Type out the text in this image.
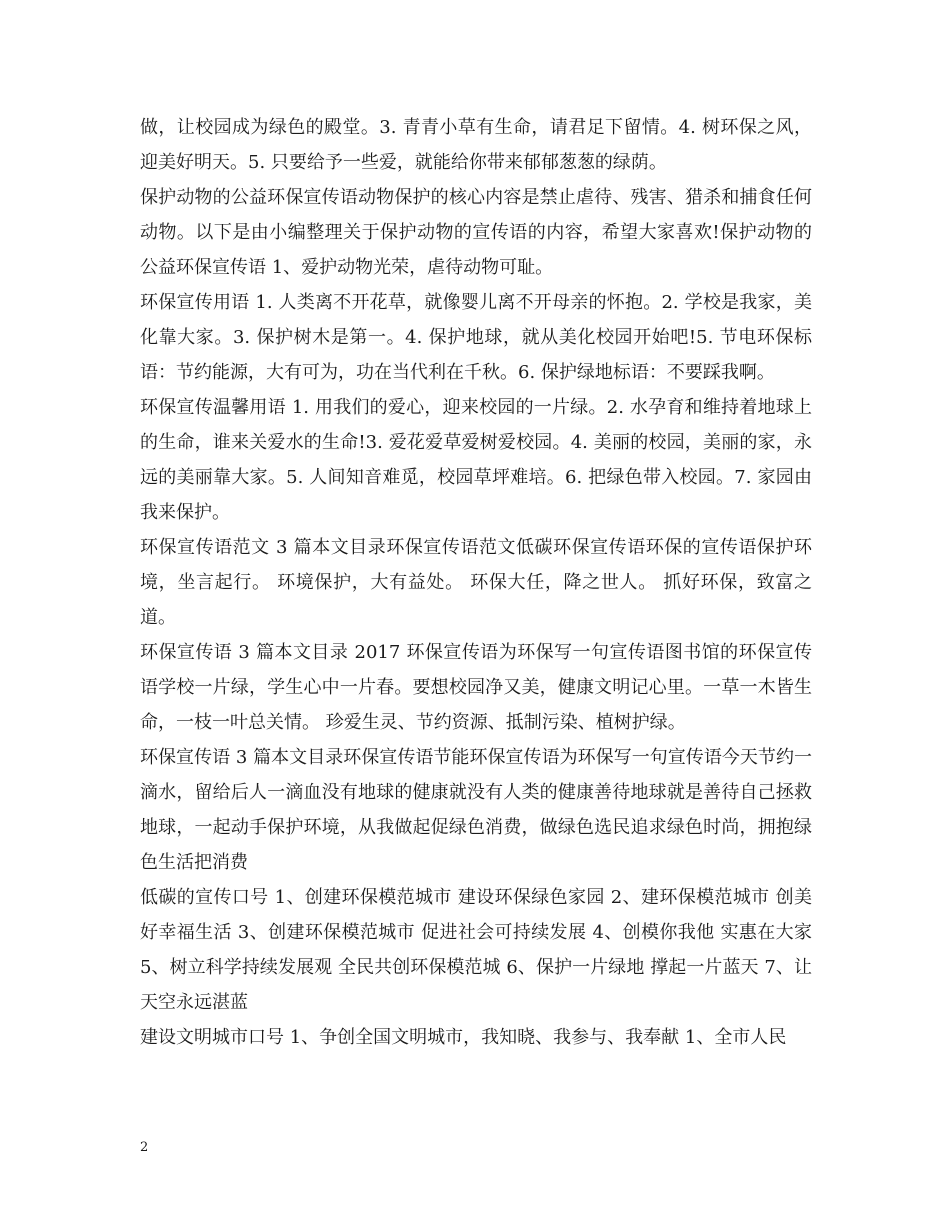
做，让校园成为绿色的殿堂。3. 青青小草有生命，请君足下留情。4. 树环保之风，迎美好明天。5. 只要给予一些爱，就能给你带来郁郁葱葱的绿荫。

保护动物的公益环保宣传语动物保护的核心内容是禁止虐待、残害、猎杀和捕食任何动物。以下是由小编整理关于保护动物的宣传语的内容，希望大家喜欢!保护动物的公益环保宣传语 1、爱护动物光荣，虐待动物可耻。

环保宣传用语 1. 人类离不开花草，就像婴儿离不开母亲的怀抱。2. 学校是我家，美化靠大家。3. 保护树木是第一。4. 保护地球，就从美化校园开始吧!5. 节电环保标语：节约能源，大有可为，功在当代利在千秋。6. 保护绿地标语：不要踩我啊。

环保宣传温馨用语 1. 用我们的爱心，迎来校园的一片绿。2. 水孕育和维持着地球上的生命，谁来关爱水的生命!3. 爱花爱草爱树爱校园。4. 美丽的校园，美丽的家，永远的美丽靠大家。5. 人间知音难觅，校园草坪难培。6. 把绿色带入校园。7. 家园由我来保护。

环保宣传语范文 3 篇本文目录环保宣传语范文低碳环保宣传语环保的宣传语保护环境，坐言起行。 环境保护，大有益处。 环保大任，降之世人。 抓好环保，致富之道。

环保宣传语 3 篇本文目录 2017 环保宣传语为环保写一句宣传语图书馆的环保宣传语学校一片绿，学生心中一片春。要想校园净又美，健康文明记心里。一草一木皆生命，一枝一叶总关情。 珍爱生灵、节约资源、抵制污染、植树护绿。

环保宣传语 3 篇本文目录环保宣传语节能环保宣传语为环保写一句宣传语今天节约一滴水，留给后人一滴血没有地球的健康就没有人类的健康善待地球就是善待自己拯救地球，一起动手保护环境，从我做起促绿色消费，做绿色选民追求绿色时尚，拥抱绿色生活把消费

低碳的宣传口号 1、创建环保模范城市 建设环保绿色家园 2、建环保模范城市 创美好幸福生活 3、创建环保模范城市 促进社会可持续发展 4、创模你我他 实惠在大家 5、树立科学持续发展观 全民共创环保模范城 6、保护一片绿地 撑起一片蓝天 7、让天空永远湛蓝

建设文明城市口号 1、争创全国文明城市，我知晓、我参与、我奉献 1、全市人民

2
